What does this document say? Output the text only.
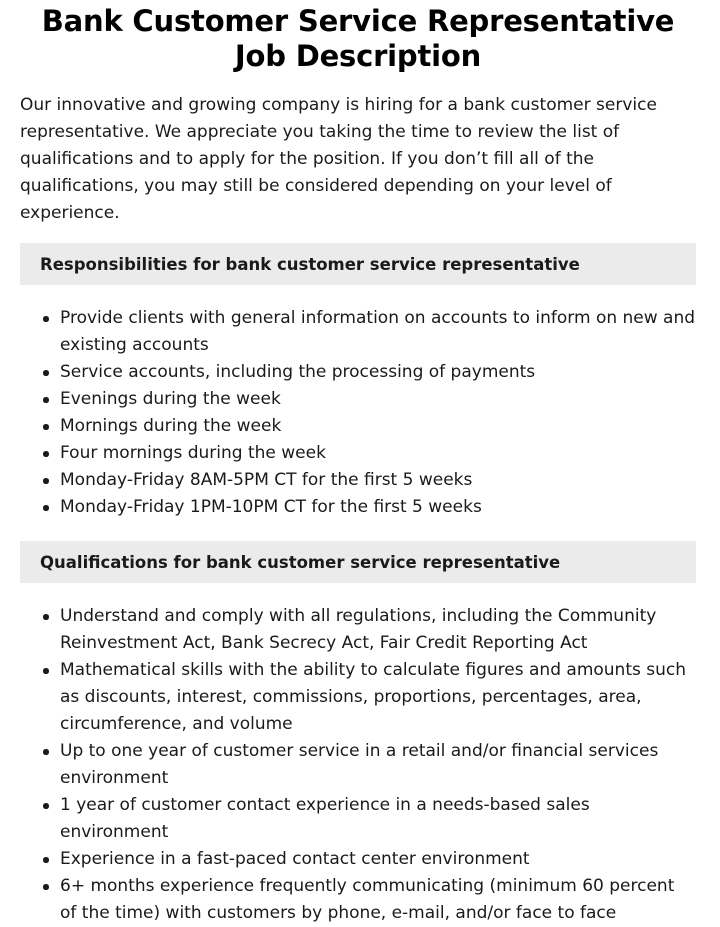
Bank Customer Service Representative Job Description

Our innovative and growing company is hiring for a bank customer service representative. We appreciate you taking the time to review the list of qualifications and to apply for the position. If you don’t fill all of the qualifications, you may still be considered depending on your level of experience.

Responsibilities for bank customer service representative
Provide clients with general information on accounts to inform on new and existing accounts
Service accounts, including the processing of payments
Evenings during the week
Mornings during the week
Four mornings during the week
Monday-Friday 8AM-5PM CT for the first 5 weeks
Monday-Friday 1PM-10PM CT for the first 5 weeks
Qualifications for bank customer service representative
Understand and comply with all regulations, including the Community Reinvestment Act, Bank Secrecy Act, Fair Credit Reporting Act
Mathematical skills with the ability to calculate figures and amounts such as discounts, interest, commissions, proportions, percentages, area, circumference, and volume
Up to one year of customer service in a retail and/or financial services environment
1 year of customer contact experience in a needs-based sales environment
Experience in a fast-paced contact center environment
6+ months experience frequently communicating (minimum 60 percent of the time) with customers by phone, e-mail, and/or face to face
